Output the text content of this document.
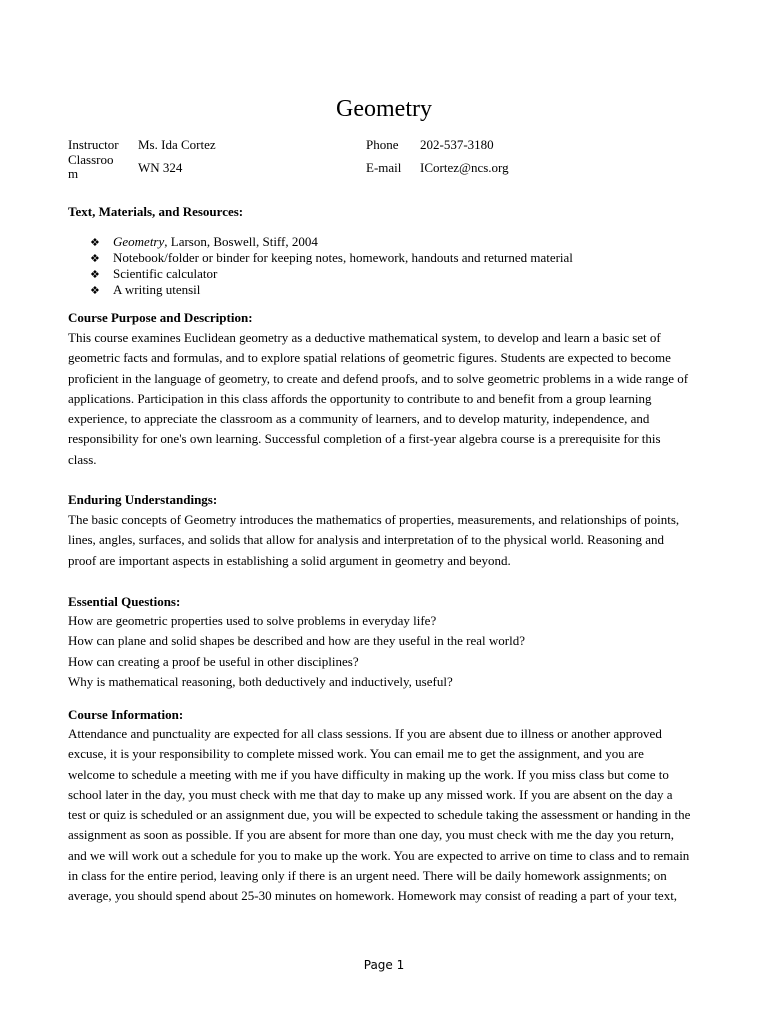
Geometry
Instructor Ms. Ida Cortez
Classroo
m	WN 324
Phone 202-537-3180
E-mail ICortez@ncs.org
Text, Materials, and Resources:
❖ Geometry, Larson, Boswell, Stiff, 2004
❖ Notebook/folder or binder for keeping notes, homework, handouts and returned material
❖ Scientific calculator
❖ A writing utensil
Course Purpose and Description:
This course examines Euclidean geometry as a deductive mathematical system, to develop and learn a basic set of
geometric facts and formulas, and to explore spatial relations of geometric figures. Students are expected to become
proficient in the language of geometry, to create and defend proofs, and to solve geometric problems in a wide range of
applications. Participation in this class affords the opportunity to contribute to and benefit from a group learning
experience, to appreciate the classroom as a community of learners, and to develop maturity, independence, and
responsibility for one's own learning. Successful completion of a first-year algebra course is a prerequisite for this
class.
Enduring Understandings:
The basic concepts of Geometry introduces the mathematics of properties, measurements, and relationships of points,
lines, angles, surfaces, and solids that allow for analysis and interpretation of to the physical world. Reasoning and
proof are important aspects in establishing a solid argument in geometry and beyond.
Essential Questions:
How are geometric properties used to solve problems in everyday life?
How can plane and solid shapes be described and how are they useful in the real world?
How can creating a proof be useful in other disciplines?
Why is mathematical reasoning, both deductively and inductively, useful?
Course Information:
Attendance and punctuality are expected for all class sessions. If you are absent due to illness or another approved
excuse, it is your responsibility to complete missed work. You can email me to get the assignment, and you are
welcome to schedule a meeting with me if you have difficulty in making up the work. If you miss class but come to
school later in the day, you must check with me that day to make up any missed work. If you are absent on the day a
test or quiz is scheduled or an assignment due, you will be expected to schedule taking the assessment or handing in the
assignment as soon as possible. If you are absent for more than one day, you must check with me the day you return,
and we will work out a schedule for you to make up the work. You are expected to arrive on time to class and to remain
in class for the entire period, leaving only if there is an urgent need. There will be daily homework assignments; on
average, you should spend about 25-30 minutes on homework. Homework may consist of reading a part of your text,
Page 1
